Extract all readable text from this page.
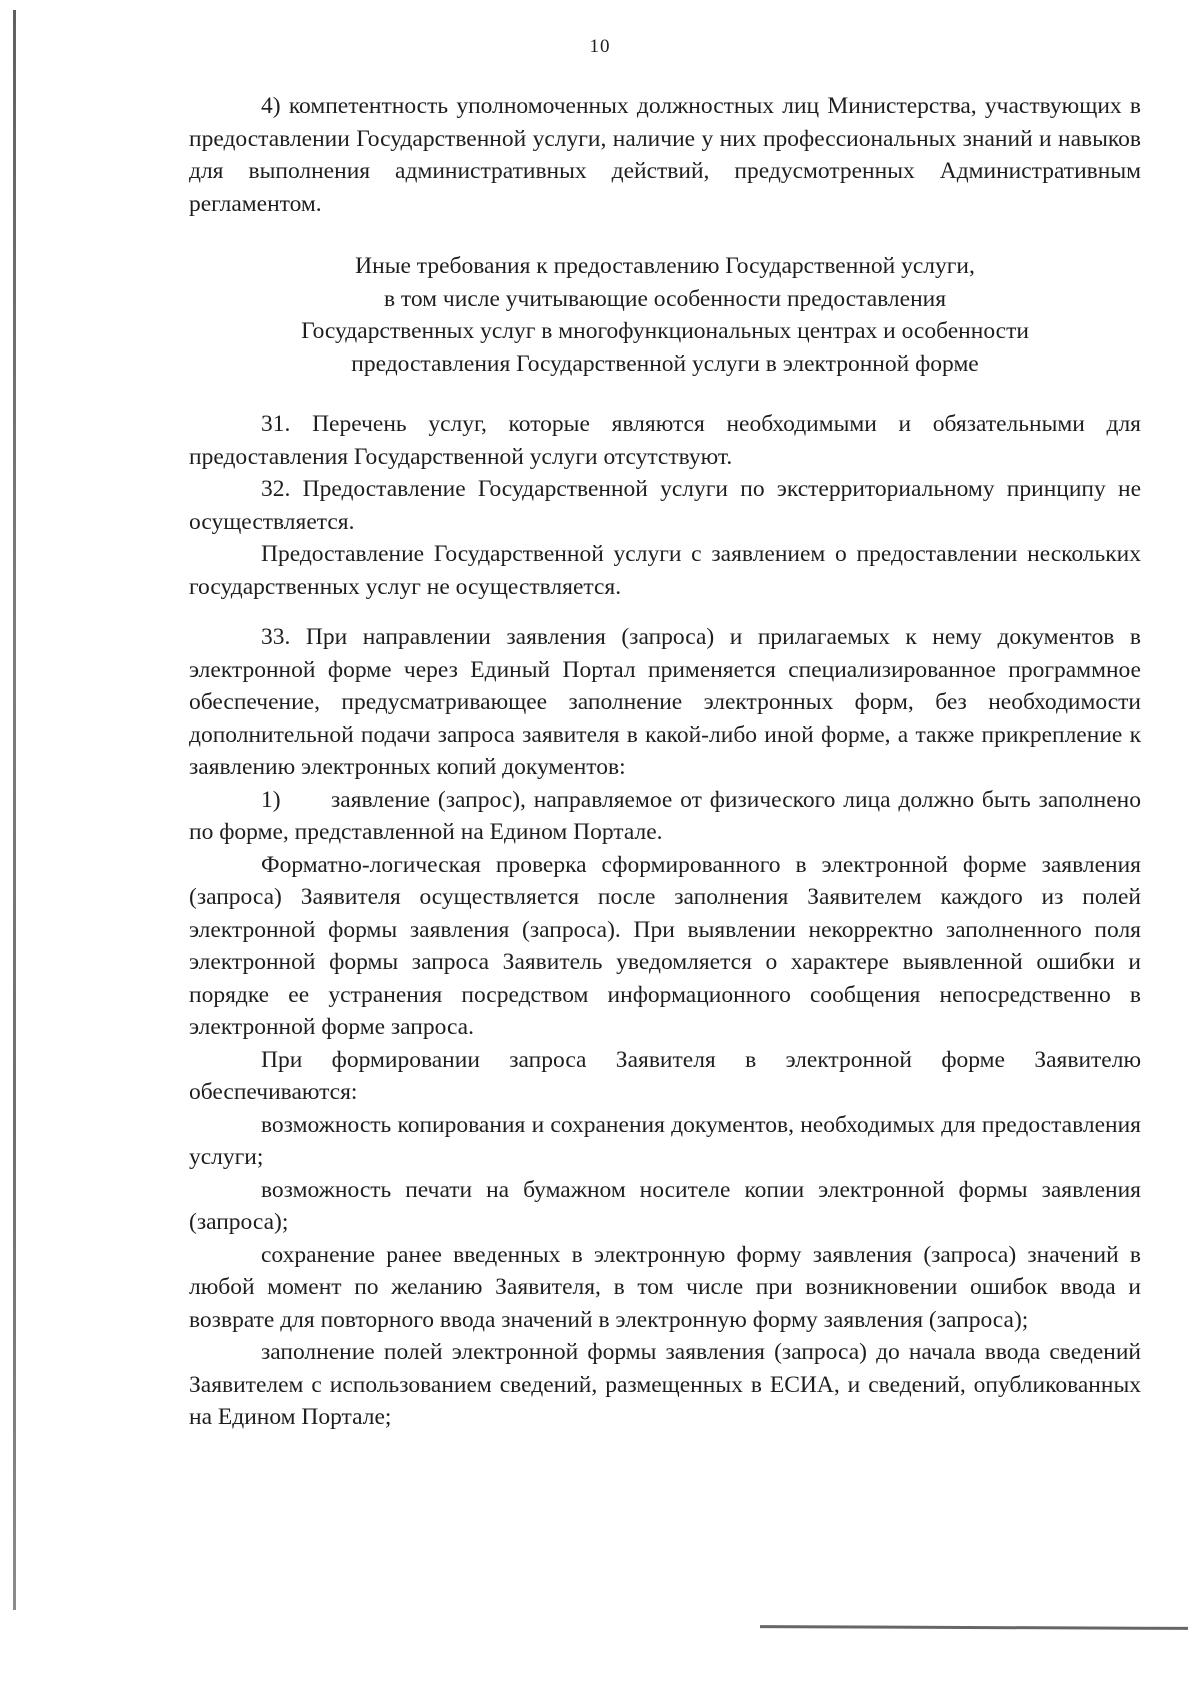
10

4) компетентность уполномоченных должностных лиц Министерства, участвующих в предоставлении Государственной услуги, наличие у них профессиональных знаний и навыков для выполнения административных действий, предусмотренных Административным регламентом.

Иные требования к предоставлению Государственной услуги,
в том числе учитывающие особенности предоставления
Государственных услуг в многофункциональных центрах и особенности
предоставления Государственной услуги в электронной форме

31. Перечень услуг, которые являются необходимыми и обязательными для предоставления Государственной услуги отсутствуют.

32. Предоставление Государственной услуги по экстерриториальному принципу не осуществляется.

Предоставление Государственной услуги с заявлением о предоставлении нескольких государственных услуг не осуществляется.

33. При направлении заявления (запроса) и прилагаемых к нему документов в электронной форме через Единый Портал применяется специализированное программное обеспечение, предусматривающее заполнение электронных форм, без необходимости дополнительной подачи запроса заявителя в какой-либо иной форме, а также прикрепление к заявлению электронных копий документов:

1) заявление (запрос), направляемое от физического лица должно быть заполнено по форме, представленной на Едином Портале.

Форматно-логическая проверка сформированного в электронной форме заявления (запроса) Заявителя осуществляется после заполнения Заявителем каждого из полей электронной формы заявления (запроса). При выявлении некорректно заполненного поля электронной формы запроса Заявитель уведомляется о характере выявленной ошибки и порядке ее устранения посредством информационного сообщения непосредственно в электронной форме запроса.

При формировании запроса Заявителя в электронной форме Заявителю обеспечиваются:

возможность копирования и сохранения документов, необходимых для предоставления услуги;

возможность печати на бумажном носителе копии электронной формы заявления (запроса);

сохранение ранее введенных в электронную форму заявления (запроса) значений в любой момент по желанию Заявителя, в том числе при возникновении ошибок ввода и возврате для повторного ввода значений в электронную форму заявления (запроса);

заполнение полей электронной формы заявления (запроса) до начала ввода сведений Заявителем с использованием сведений, размещенных в ЕСИА, и сведений, опубликованных на Едином Портале;
